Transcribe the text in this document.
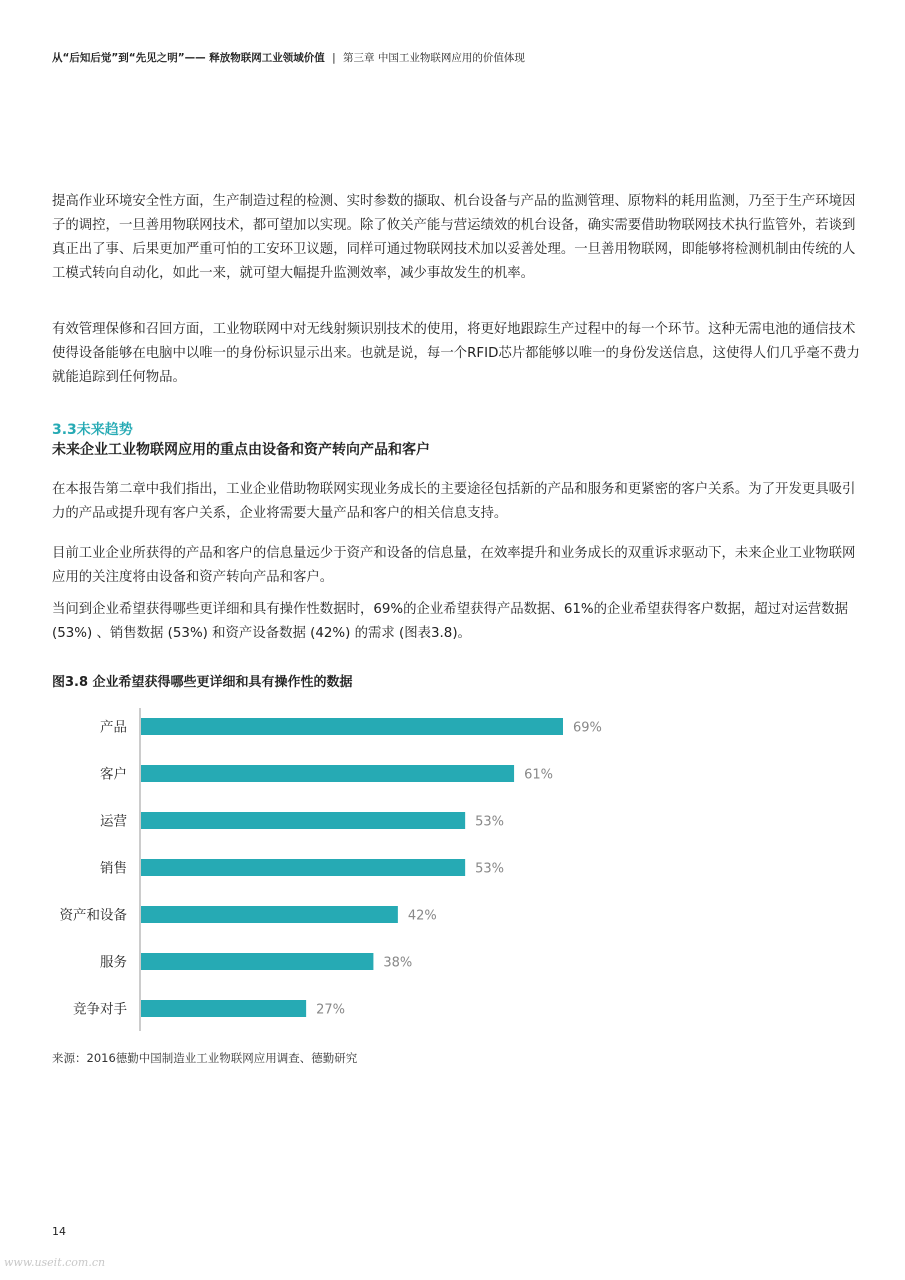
从“后知后觉”到“先见之明”—— 释放物联网工业领域价值 | 第三章 中国工业物联网应用的价值体现

提高作业环境安全性方面，生产制造过程的检测、实时参数的撷取、机台设备与产品的监测管理、原物料的耗用监测，乃至于生产环境因子的调控，一旦善用物联网技术，都可望加以实现。除了攸关产能与营运绩效的机台设备，确实需要借助物联网技术执行监管外，若谈到真正出了事、后果更加严重可怕的工安环卫议题，同样可通过物联网技术加以妥善处理。一旦善用物联网，即能够将检测机制由传统的人工模式转向自动化，如此一来，就可望大幅提升监测效率，减少事故发生的机率。

有效管理保修和召回方面，工业物联网中对无线射频识别技术的使用，将更好地跟踪生产过程中的每一个环节。这种无需电池的通信技术使得设备能够在电脑中以唯一的身份标识显示出来。也就是说，每一个RFID芯片都能够以唯一的身份发送信息，这使得人们几乎毫不费力就能追踪到任何物品。

3.3未来趋势
未来企业工业物联网应用的重点由设备和资产转向产品和客户

在本报告第二章中我们指出，工业企业借助物联网实现业务成长的主要途径包括新的产品和服务和更紧密的客户关系。为了开发更具吸引力的产品或提升现有客户关系，企业将需要大量产品和客户的相关信息支持。

目前工业企业所获得的产品和客户的信息量远少于资产和设备的信息量，在效率提升和业务成长的双重诉求驱动下，未来企业工业物联网应用的关注度将由设备和资产转向产品和客户。

当问到企业希望获得哪些更详细和具有操作性数据时，69%的企业希望获得产品数据、61%的企业希望获得客户数据，超过对运营数据 (53%) 、销售数据 (53%) 和资产设备数据 (42%) 的需求 (图表3.8)。

图3.8 企业希望获得哪些更详细和具有操作性的数据
产品	69%
客户	61%
运营	53%
销售	53%
资产和设备	42%
服务	38%
竞争对手	27%
来源：2016德勤中国制造业工业物联网应用调查、德勤研究
14
www.useit.com.cn
